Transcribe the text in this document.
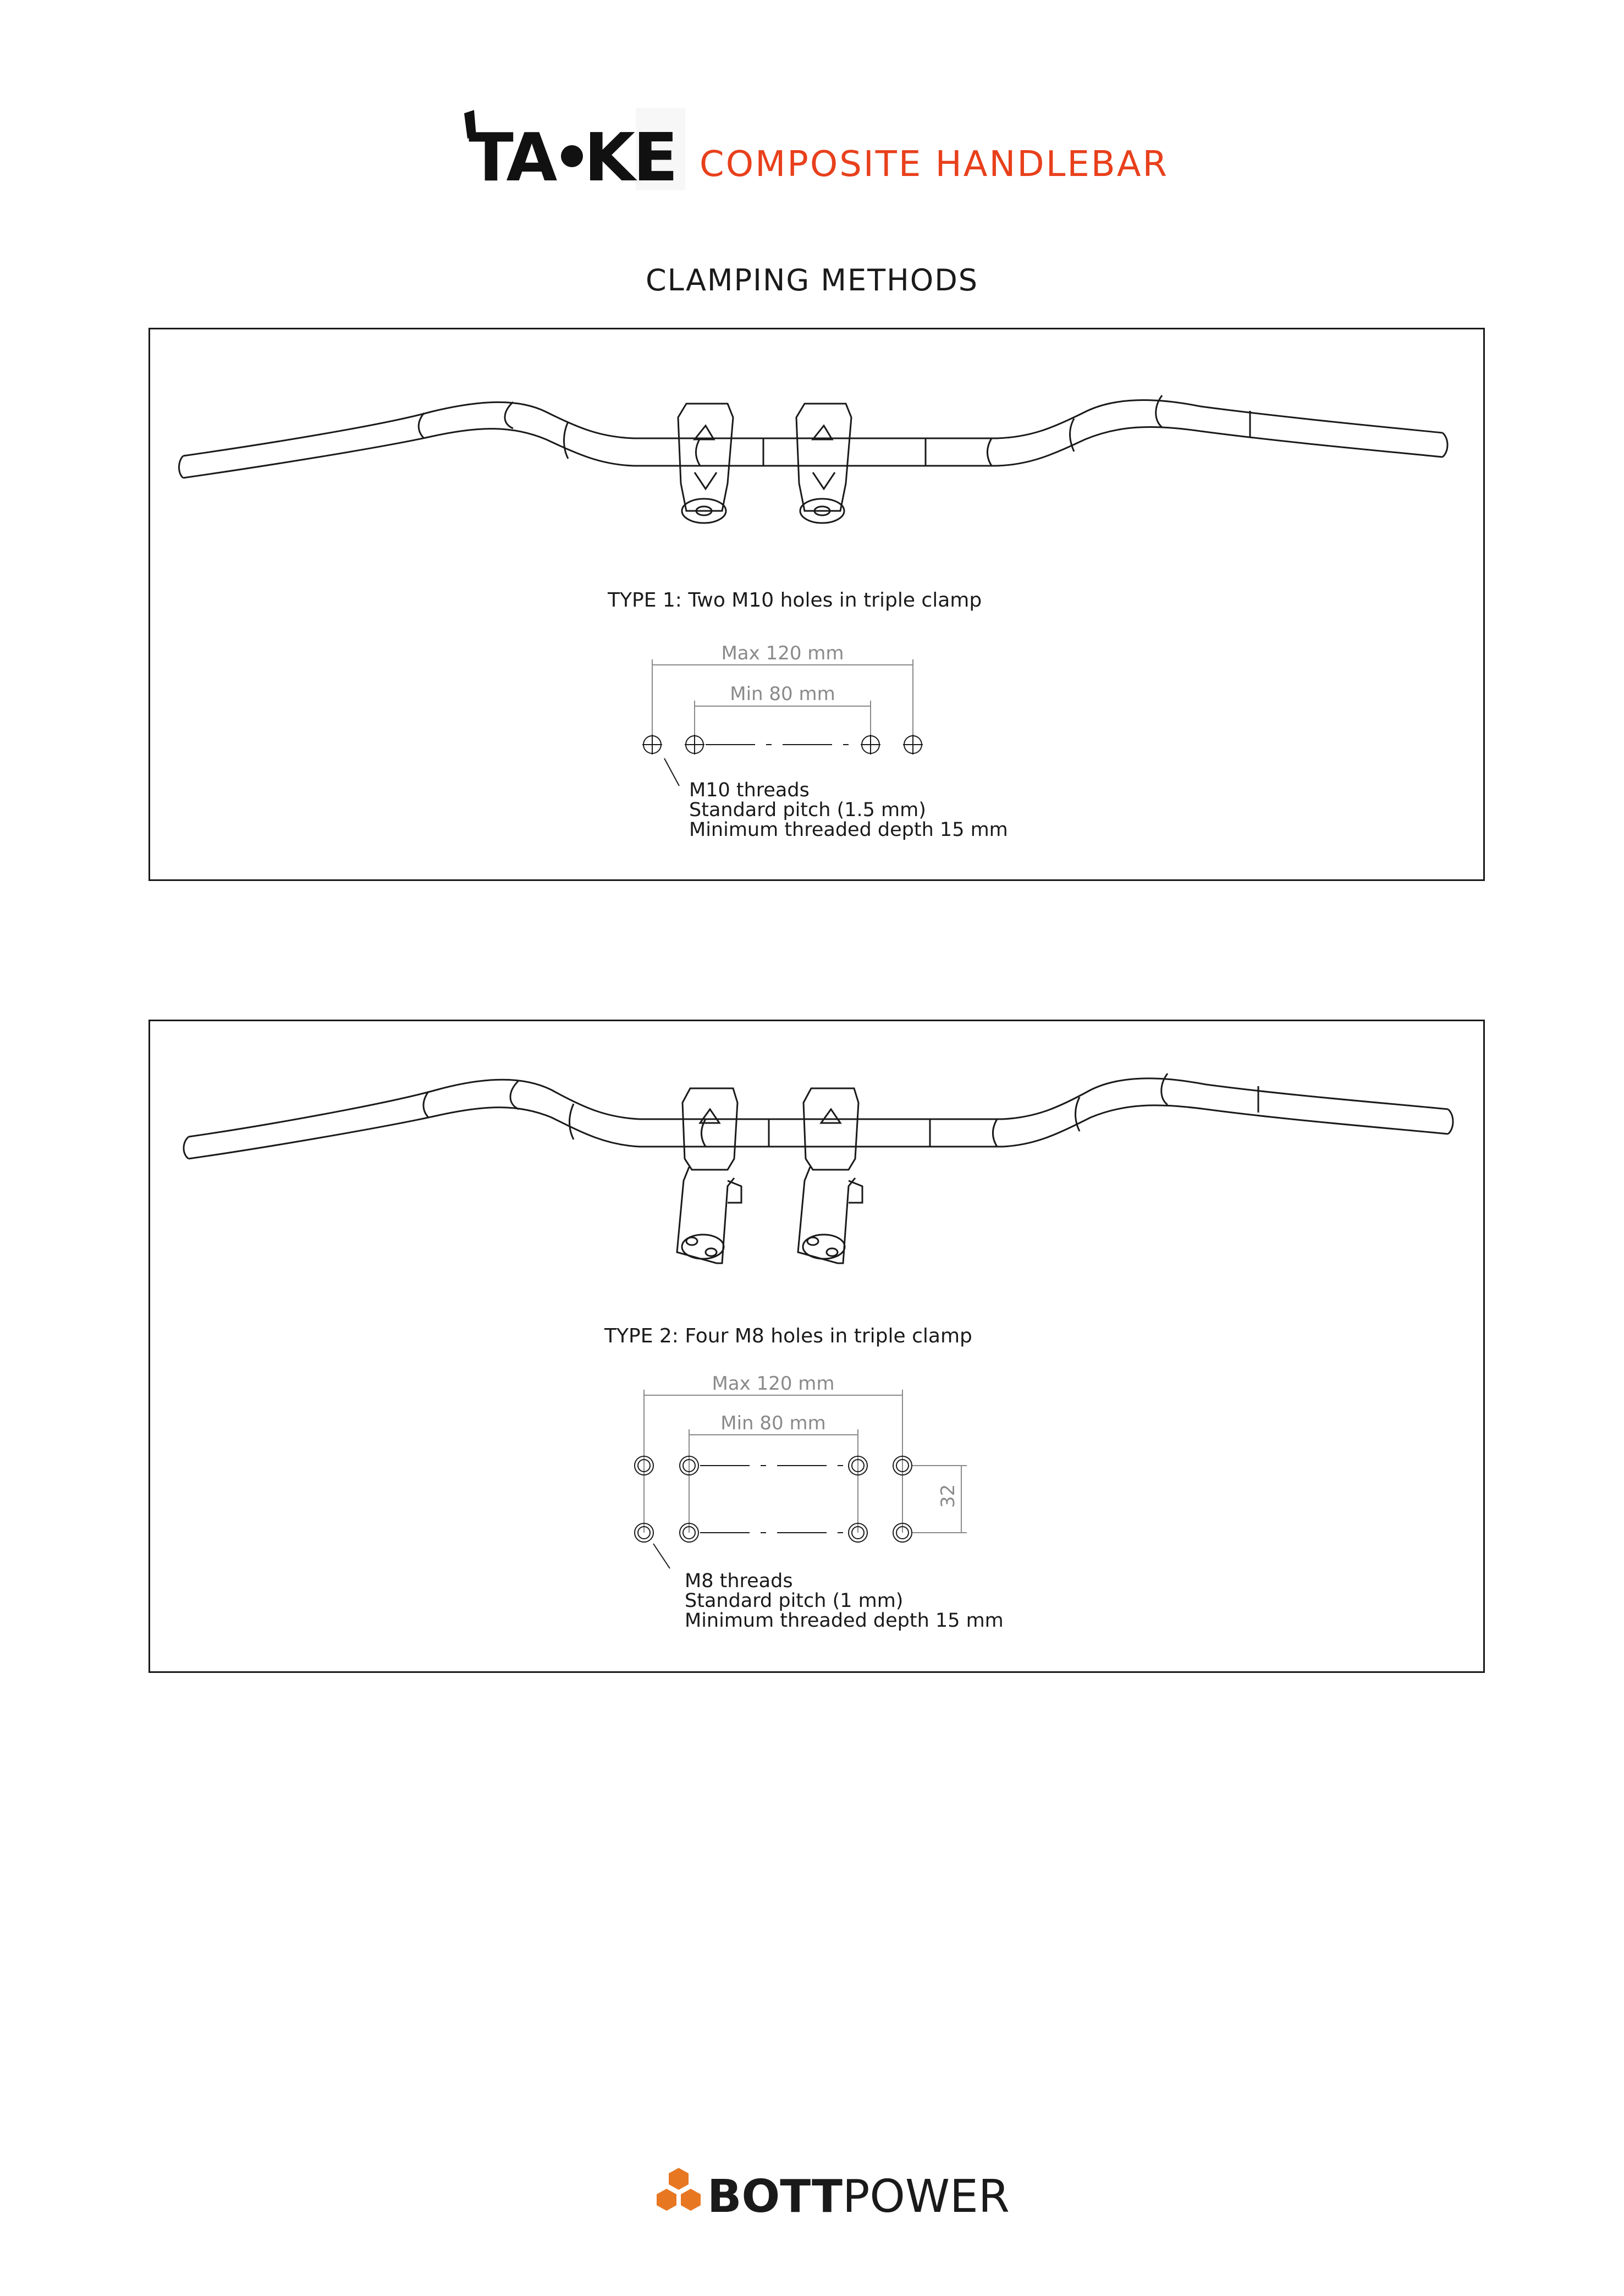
TA KE COMPOSITE HANDLEBAR
CLAMPING METHODS
TYPE 1: Two M10 holes in triple clamp
Max 120 mm
Min 80 mm
M10 threads
Standard pitch (1.5 mm)
Minimum threaded depth 15 mm
TYPE 2: Four M8 holes in triple clamp
Max 120 mm
Min 80 mm
32
M8 threads
Standard pitch (1 mm)
Minimum threaded depth 15 mm
BOTTPOWER
